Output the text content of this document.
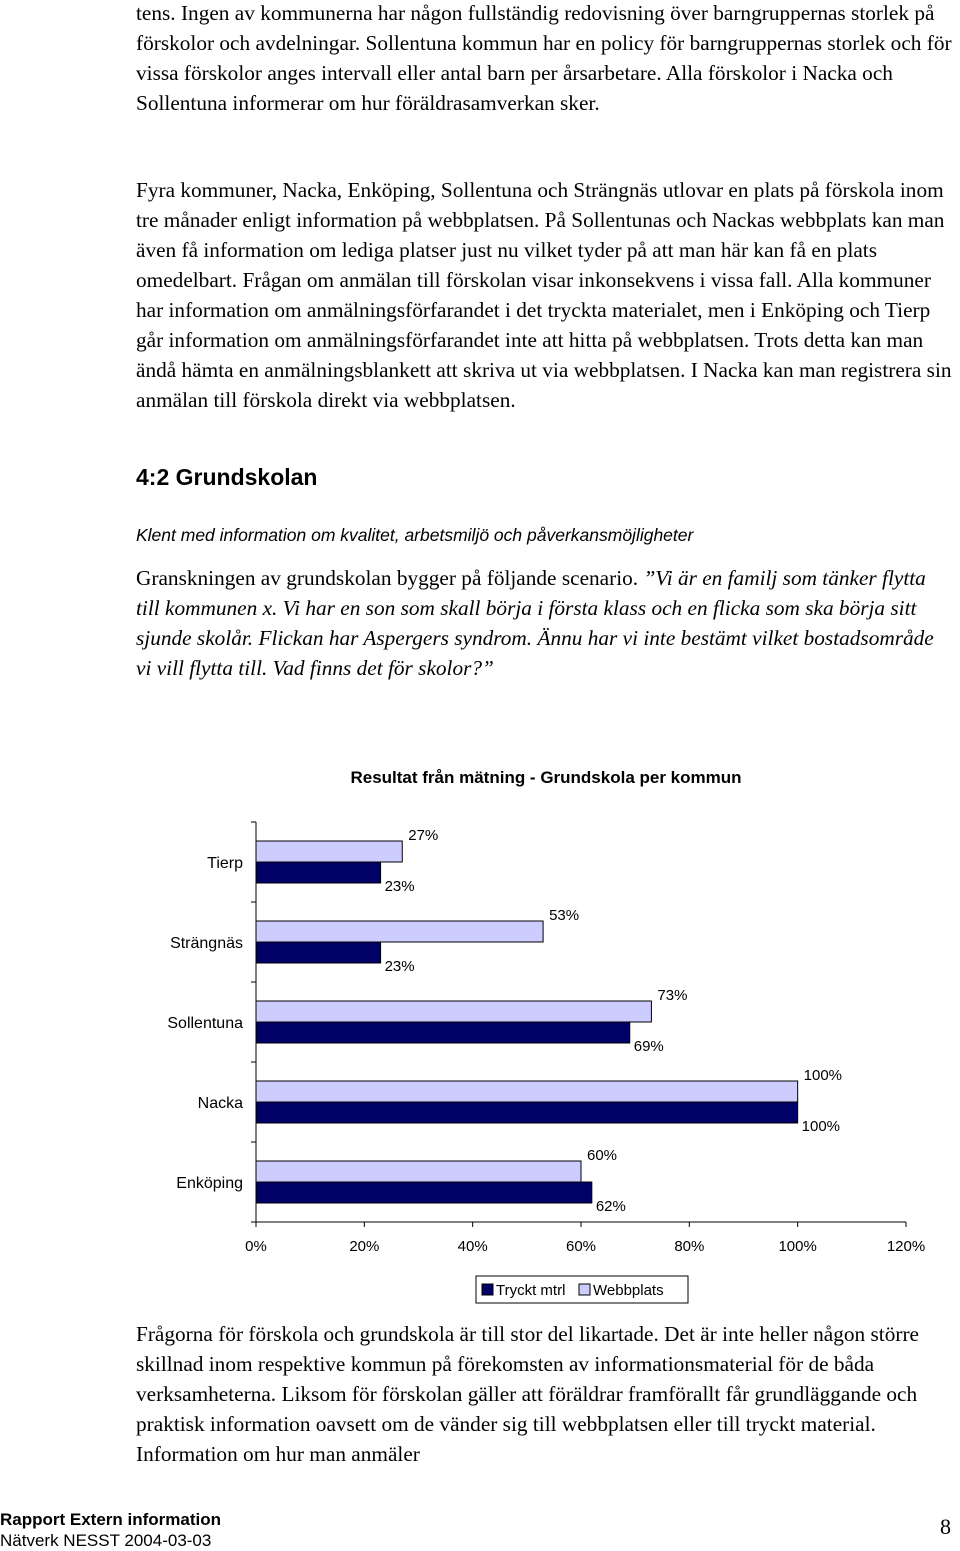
tens. Ingen av kommunerna har någon fullständig redovisning över barngruppernas storlek på förskolor och avdelningar. Sollentuna kommun har en policy för barngruppernas storlek och för vissa förskolor anges intervall eller antal barn per årsarbetare. Alla förskolor i Nacka och Sollentuna informerar om hur föräldrasamverkan sker.

Fyra kommuner, Nacka, Enköping, Sollentuna och Strängnäs utlovar en plats på förskola inom tre månader enligt information på webbplatsen. På Sollentunas och Nackas webbplats kan man även få information om lediga platser just nu vilket tyder på att man här kan få en plats omedelbart. Frågan om anmälan till förskolan visar inkonsekvens i vissa fall. Alla kommuner har information om anmälningsförfarandet i det tryckta materialet, men i Enköping och Tierp går information om anmälningsförfarandet inte att hitta på webbplatsen. Trots detta kan man ändå hämta en anmälningsblankett att skriva ut via webbplatsen. I Nacka kan man registrera sin anmälan till förskola direkt via webbplatsen.

4:2 Grundskolan

Klent med information om kvalitet, arbetsmiljö och påverkansmöjligheter

Granskningen av grundskolan bygger på följande scenario. ”Vi är en familj som tänker flytta till kommunen x. Vi har en son som skall börja i första klass och en flicka som ska börja sitt sjunde skolår. Flickan har Aspergers syndrom. Ännu har vi inte bestämt vilket bostadsområde vi vill flytta till. Vad finns det för skolor?”

Resultat från mätning - Grundskola per kommun
0%	20%	40%	60%	80%	100%	120%
Tierp
27%
23%
Strängnäs
53%
23%
Sollentuna
73%
69%
Nacka
100%
100%
Enköping
60%
62%
Tryckt mtrl Webbplats

Frågorna för förskola och grundskola är till stor del likartade. Det är inte heller någon större skillnad inom respektive kommun på förekomsten av informationsmaterial för de båda verksamheterna. Liksom för förskolan gäller att föräldrar framförallt får grundläggande och praktisk information oavsett om de vänder sig till webbplatsen eller till tryckt material. Information om hur man anmäler

Rapport Extern information

Nätverk NESST 2004-03-03

8
